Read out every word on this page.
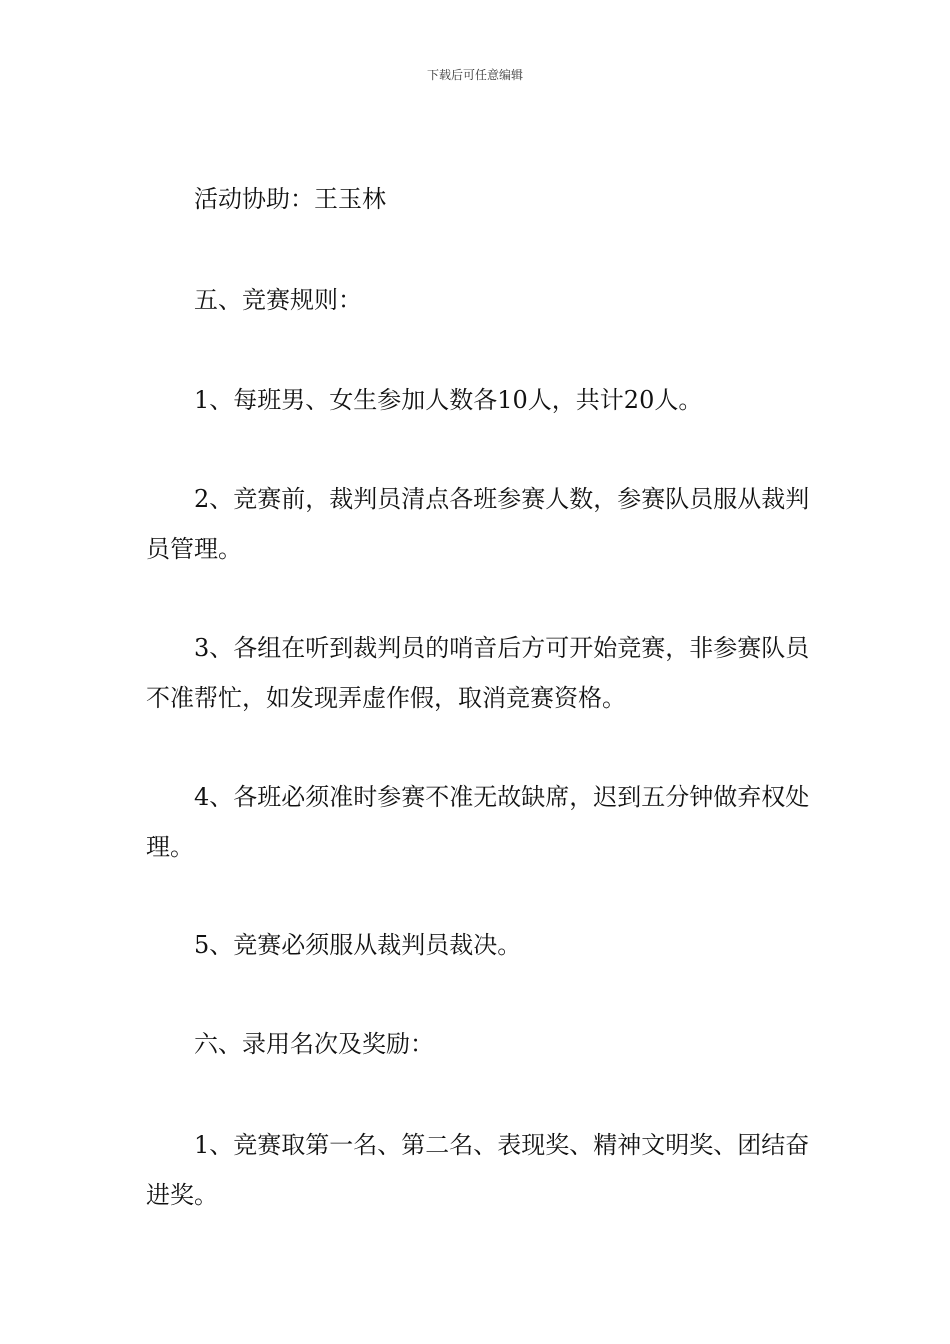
下载后可任意编辑
活动协助：王玉林
五、竞赛规则：
1、每班男、女生参加人数各10人，共计20人。
2、竞赛前，裁判员清点各班参赛人数，参赛队员服从裁判员管理。
3、各组在听到裁判员的哨音后方可开始竞赛，非参赛队员不准帮忙，如发现弄虚作假，取消竞赛资格。
4、各班必须准时参赛不准无故缺席，迟到五分钟做弃权处理。
5、竞赛必须服从裁判员裁决。
六、录用名次及奖励：
1、竞赛取第一名、第二名、表现奖、精神文明奖、团结奋进奖。
